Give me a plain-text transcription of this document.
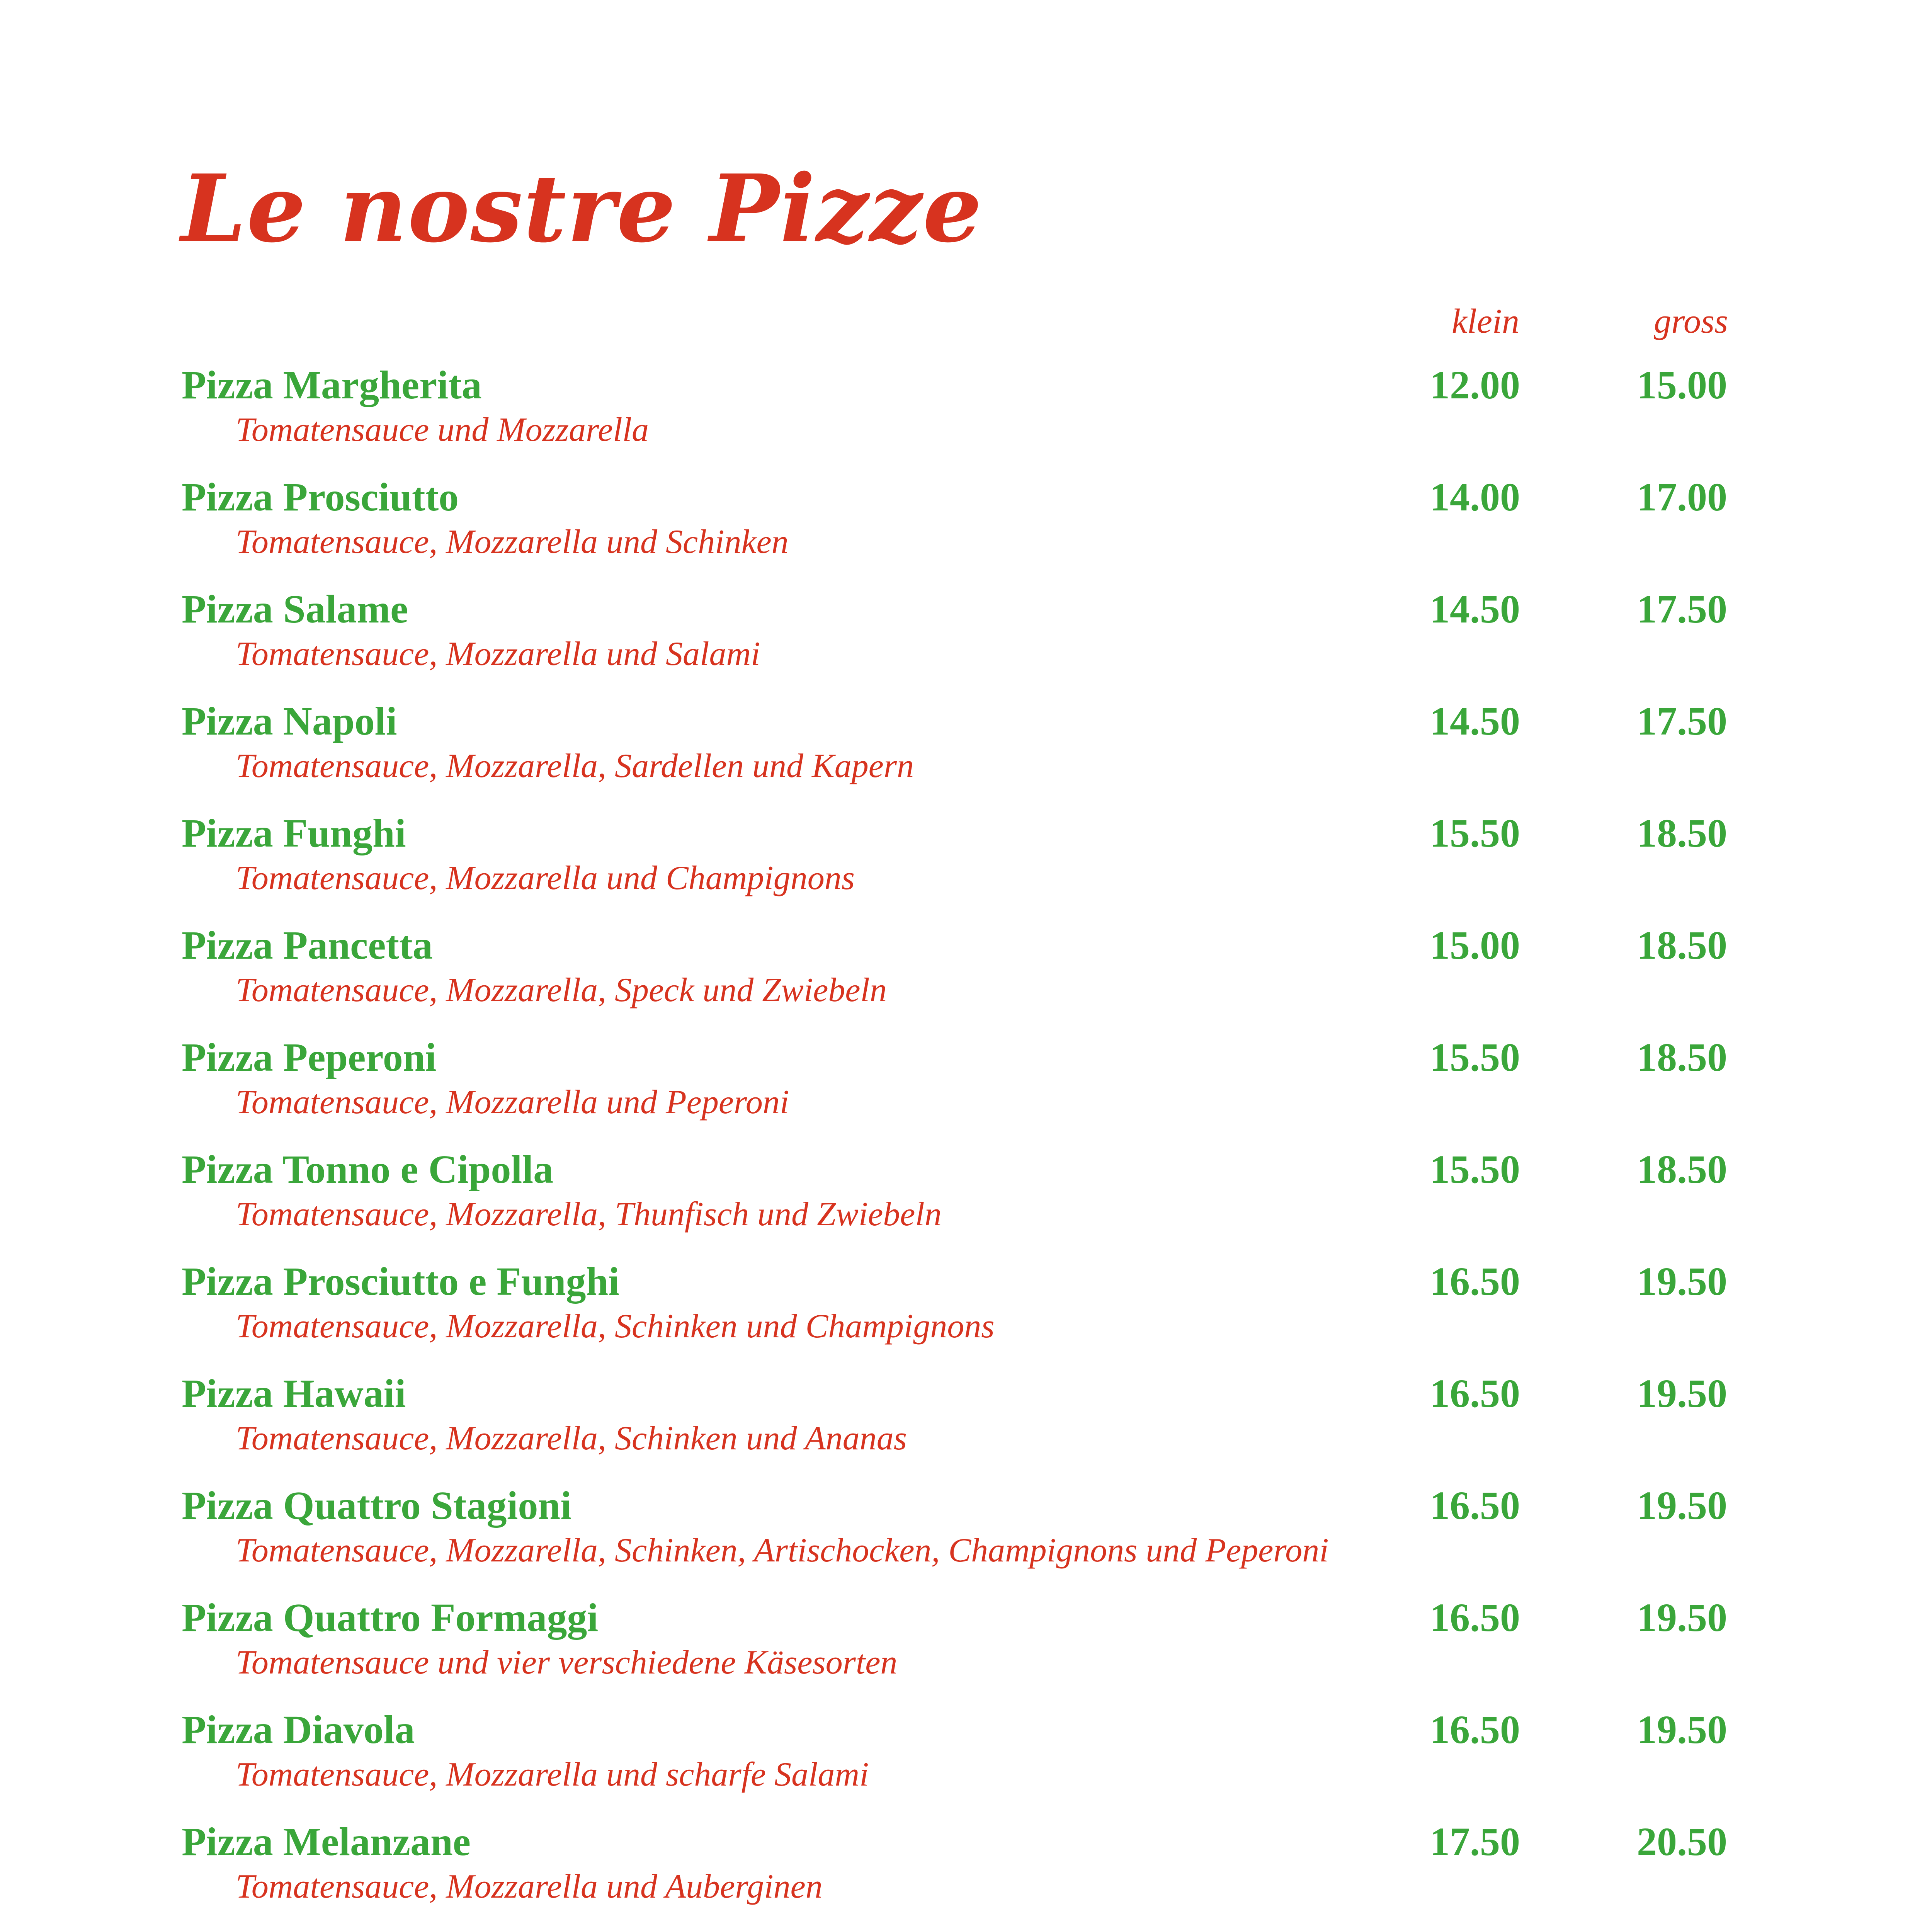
Le nostre Pizze
klein	gross
Pizza Margherita
Tomatensauce und Mozzarella
12.00	15.00
Pizza Prosciutto
Tomatensauce, Mozzarella und Schinken
14.00	17.00
Pizza Salame
Tomatensauce, Mozzarella und Salami
14.50	17.50
Pizza Napoli
Tomatensauce, Mozzarella, Sardellen und Kapern
14.50	17.50
Pizza Funghi
Tomatensauce, Mozzarella und Champignons
15.50	18.50
Pizza Pancetta
Tomatensauce, Mozzarella, Speck und Zwiebeln
15.00	18.50
Pizza Peperoni
Tomatensauce, Mozzarella und Peperoni
15.50	18.50
Pizza Tonno e Cipolla
Tomatensauce, Mozzarella, Thunfisch und Zwiebeln
15.50	18.50
Pizza Prosciutto e Funghi
Tomatensauce, Mozzarella, Schinken und Champignons
16.50	19.50
Pizza Hawaii
Tomatensauce, Mozzarella, Schinken und Ananas
16.50	19.50
Pizza Quattro Stagioni
Tomatensauce, Mozzarella, Schinken, Artischocken, Champignons und Peperoni
16.50	19.50
Pizza Quattro Formaggi
Tomatensauce und vier verschiedene Käsesorten
16.50	19.50
Pizza Diavola
Tomatensauce, Mozzarella und scharfe Salami
16.50	19.50
Pizza Melanzane
Tomatensauce, Mozzarella und Auberginen
17.50	20.50
